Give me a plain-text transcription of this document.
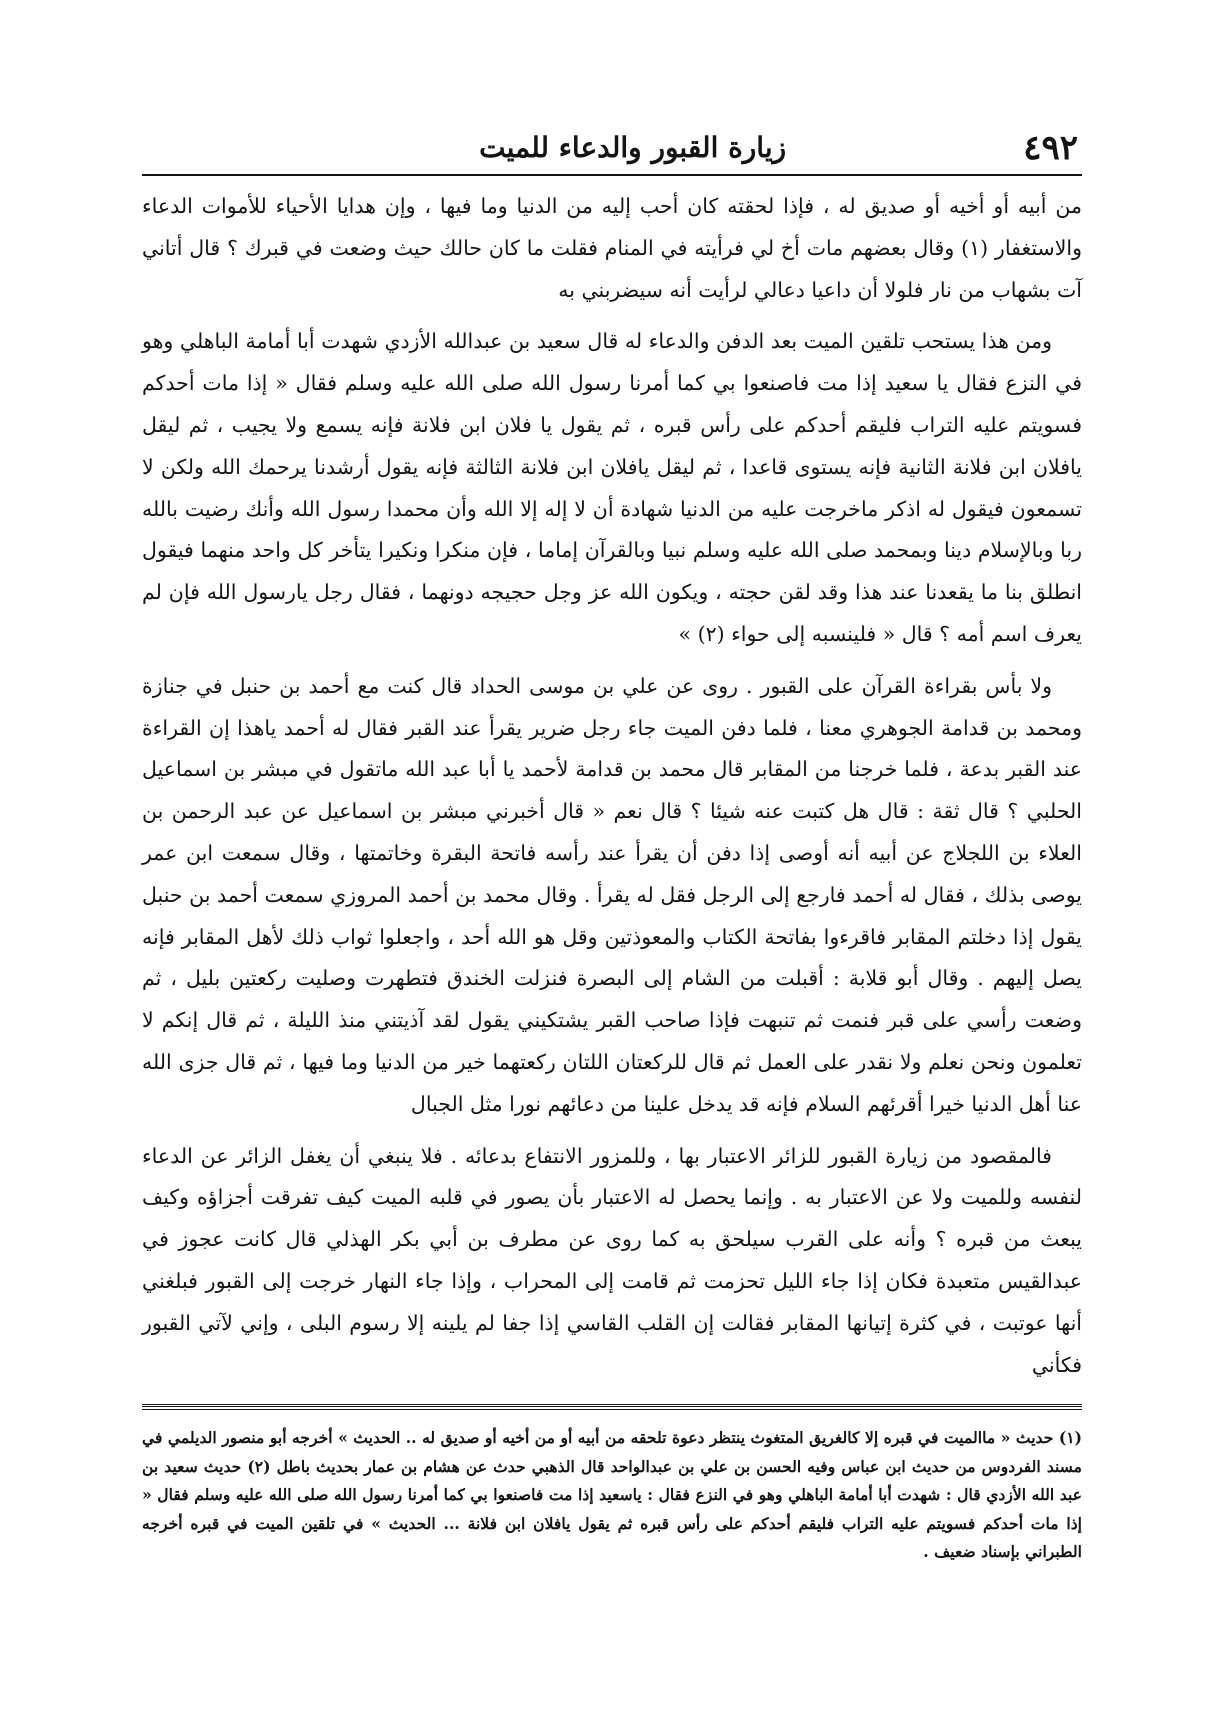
٤٩٢
زيارة القبور والدعاء للميت

من أبيه أو أخيه أو صديق له ، فإذا لحقته كان أحب إليه من الدنيا وما فيها ، وإن هدايا الأحياء للأموات الدعاء والاستغفار (١) وقال بعضهم مات أخ لي فرأيته في المنام فقلت ما كان حالك حيث وضعت في قبرك ؟ قال أتاني آت بشهاب من نار فلولا أن داعيا دعالي لرأيت أنه سيضربني به

ومن هذا يستحب تلقين الميت بعد الدفن والدعاء له قال سعيد بن عبدالله الأزدي شهدت أبا أمامة الباهلي وهو في النزع فقال يا سعيد إذا مت فاصنعوا بي كما أمرنا رسول الله صلى الله عليه وسلم فقال « إذا مات أحدكم فسويتم عليه التراب فليقم أحدكم على رأس قبره ، ثم يقول يا فلان ابن فلانة فإنه يسمع ولا يجيب ، ثم ليقل يافلان ابن فلانة الثانية فإنه يستوى قاعدا ، ثم ليقل يافلان ابن فلانة الثالثة فإنه يقول أرشدنا يرحمك الله ولكن لا تسمعون فيقول له اذكر ماخرجت عليه من الدنيا شهادة أن لا إله إلا الله وأن محمدا رسول الله وأنك رضيت بالله ربا وبالإسلام دينا وبمحمد صلى الله عليه وسلم نبيا وبالقرآن إماما ، فإن منكرا ونكيرا يتأخر كل واحد منهما فيقول انطلق بنا ما يقعدنا عند هذا وقد لقن حجته ، ويكون الله عز وجل حجيجه دونهما ، فقال رجل يارسول الله فإن لم يعرف اسم أمه ؟ قال « فلينسبه إلى حواء (٢) »

ولا بأس بقراءة القرآن على القبور . روى عن علي بن موسى الحداد قال كنت مع أحمد بن حنبل في جنازة ومحمد بن قدامة الجوهري معنا ، فلما دفن الميت جاء رجل ضرير يقرأ عند القبر فقال له أحمد ياهذا إن القراءة عند القبر بدعة ، فلما خرجنا من المقابر قال محمد بن قدامة لأحمد يا أبا عبد الله ماتقول في مبشر بن اسماعيل الحلبي ؟ قال ثقة : قال هل كتبت عنه شيئا ؟ قال نعم « قال أخبرني مبشر بن اسماعيل عن عبد الرحمن بن العلاء بن اللجلاج عن أبيه أنه أوصى إذا دفن أن يقرأ عند رأسه فاتحة البقرة وخاتمتها ، وقال سمعت ابن عمر يوصى بذلك ، فقال له أحمد فارجع إلى الرجل فقل له يقرأ . وقال محمد بن أحمد المروزي سمعت أحمد بن حنبل يقول إذا دخلتم المقابر فاقرءوا بفاتحة الكتاب والمعوذتين وقل هو الله أحد ، واجعلوا ثواب ذلك لأهل المقابر فإنه يصل إليهم . وقال أبو قلابة : أقبلت من الشام إلى البصرة فنزلت الخندق فتطهرت وصليت ركعتين بليل ، ثم وضعت رأسي على قبر فنمت ثم تنبهت فإذا صاحب القبر يشتكيني يقول لقد آذيتني منذ الليلة ، ثم قال إنكم لا تعلمون ونحن نعلم ولا نقدر على العمل ثم قال للركعتان اللتان ركعتهما خير من الدنيا وما فيها ، ثم قال جزى الله عنا أهل الدنيا خيرا أقرئهم السلام فإنه قد يدخل علينا من دعائهم نورا مثل الجبال

فالمقصود من زيارة القبور للزائر الاعتبار بها ، وللمزور الانتفاع بدعائه . فلا ينبغي أن يغفل الزائر عن الدعاء لنفسه وللميت ولا عن الاعتبار به . وإنما يحصل له الاعتبار بأن يصور في قلبه الميت كيف تفرقت أجزاؤه وكيف يبعث من قبره ؟ وأنه على القرب سيلحق به كما روى عن مطرف بن أبي بكر الهذلي قال كانت عجوز في عبدالقيس متعبدة فكان إذا جاء الليل تحزمت ثم قامت إلى المحراب ، وإذا جاء النهار خرجت إلى القبور فبلغني أنها عوتبت ، في كثرة إتيانها المقابر فقالت إن القلب القاسي إذا جفا لم يلينه إلا رسوم البلى ، وإني لآتي القبور فكأني

(١) حديث « ماالميت في قبره إلا كالغريق المتغوث ينتظر دعوة تلحقه من أبيه أو من أخيه أو صديق له .. الحديث » أخرجه أبو منصور الديلمي في مسند الفردوس من حديث ابن عباس وفيه الحسن بن علي بن عبدالواحد قال الذهبي حدث عن هشام بن عمار بحديث باطل (٢) حديث سعيد بن عبد الله الأزدي قال : شهدت أبا أمامة الباهلي وهو في النزع فقال : ياسعيد إذا مت فاصنعوا بي كما أمرنا رسول الله صلى الله عليه وسلم فقال « إذا مات أحدكم فسويتم عليه التراب فليقم أحدكم على رأس قبره ثم يقول يافلان ابن فلانة ... الحديث » في تلقين الميت في قبره أخرجه الطبراني بإسناد ضعيف .
